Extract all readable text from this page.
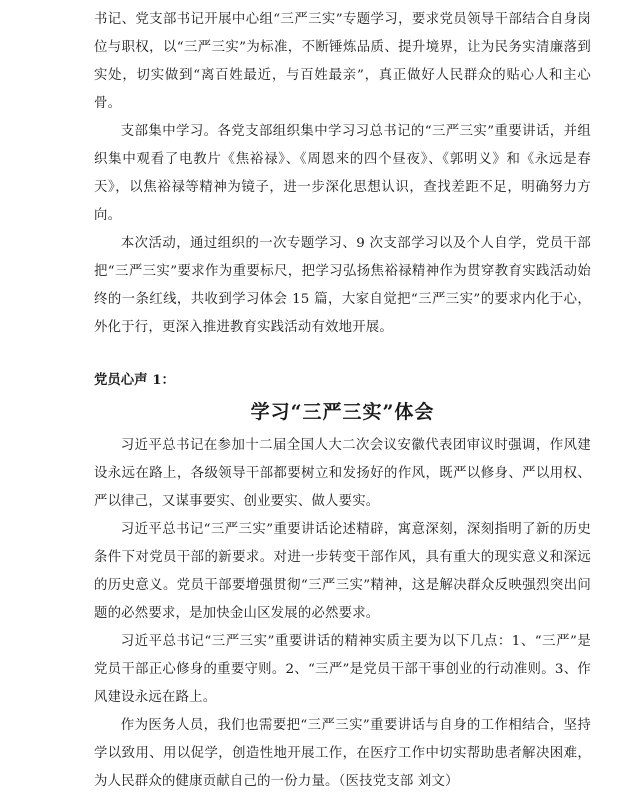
书记、党支部书记开展中心组“三严三实”专题学习，要求党员领导干部结合自身岗位与职权，以“三严三实”为标准，不断锤炼品质、提升境界，让为民务实清廉落到实处，切实做到“离百姓最近，与百姓最亲”，真正做好人民群众的贴心人和主心骨。

支部集中学习。各党支部组织集中学习习总书记的“三严三实”重要讲话，并组织集中观看了电教片《焦裕禄》、《周恩来的四个昼夜》、《郭明义》和《永远是春天》，以焦裕禄等精神为镜子，进一步深化思想认识，查找差距不足，明确努力方向。

本次活动，通过组织的一次专题学习、9 次支部学习以及个人自学，党员干部把“三严三实”要求作为重要标尺，把学习弘扬焦裕禄精神作为贯穿教育实践活动始终的一条红线，共收到学习体会 15 篇，大家自觉把“三严三实”的要求内化于心，外化于行，更深入推进教育实践活动有效地开展。

党员心声 1：
学习“三严三实”体会

习近平总书记在参加十二届全国人大二次会议安徽代表团审议时强调，作风建设永远在路上，各级领导干部都要树立和发扬好的作风，既严以修身、严以用权、严以律己，又谋事要实、创业要实、做人要实。

习近平总书记“三严三实”重要讲话论述精辟，寓意深刻，深刻指明了新的历史条件下对党员干部的新要求。对进一步转变干部作风，具有重大的现实意义和深远的历史意义。党员干部要增强贯彻“三严三实”精神，这是解决群众反映强烈突出问题的必然要求，是加快金山区发展的必然要求。

习近平总书记“三严三实”重要讲话的精神实质主要为以下几点：1、“三严”是党员干部正心修身的重要守则。2、“三严”是党员干部干事创业的行动准则。3、作风建设永远在路上。

作为医务人员，我们也需要把“三严三实”重要讲话与自身的工作相结合，坚持学以致用、用以促学，创造性地开展工作，在医疗工作中切实帮助患者解决困难，为人民群众的健康贡献自己的一份力量。（医技党支部 刘文）
